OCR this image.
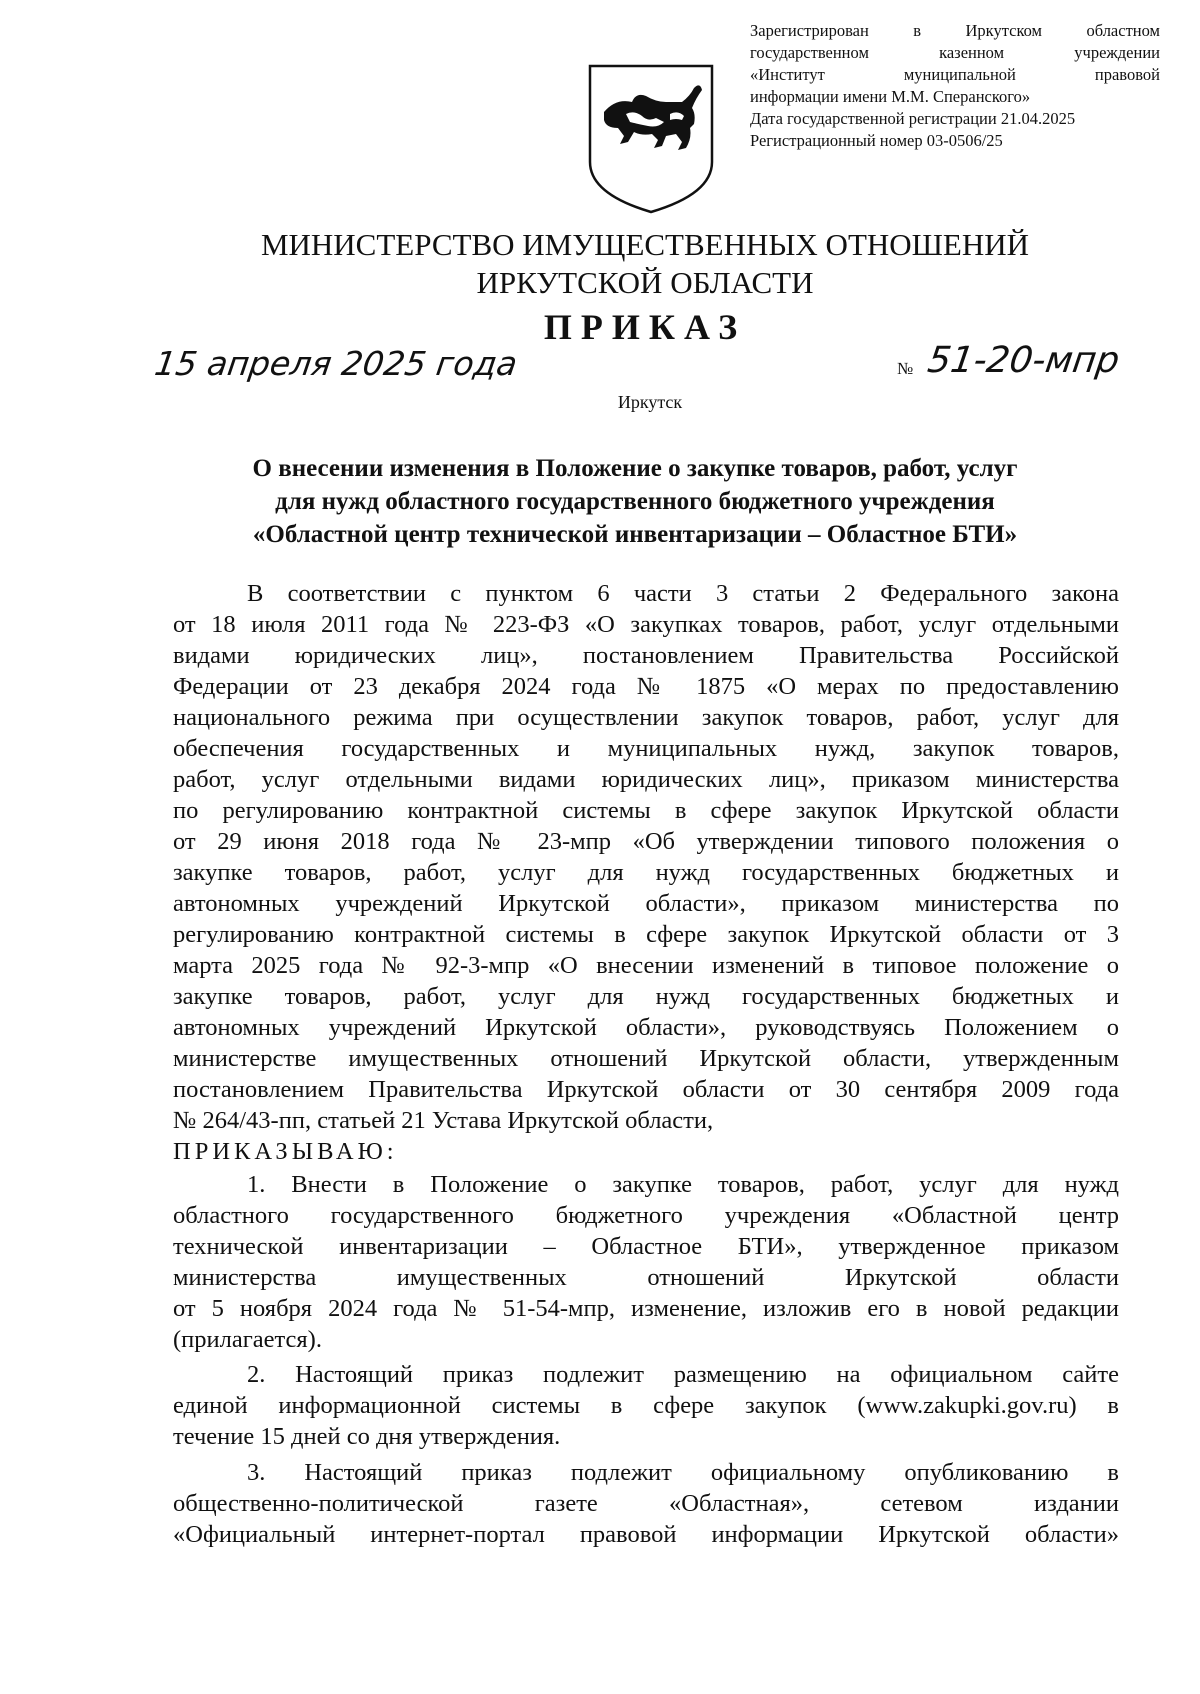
Зарегистрирован в Иркутском областном
государственном казенном учреждении
«Институт муниципальной правовой
информации имени М.М. Сперанского»
Дата государственной регистрации 21.04.2025
Регистрационный номер 03-0506/25
МИНИСТЕРСТВО ИМУЩЕСТВЕННЫХ ОТНОШЕНИЙ
ИРКУТСКОЙ ОБЛАСТИ
ПРИКАЗ
15 апреля 2025 года	№ 51-20-мпр
Иркутск
О внесении изменения в Положение о закупке товаров, работ, услуг
для нужд областного государственного бюджетного учреждения
«Областной центр технической инвентаризации – Областное БТИ»
В соответствии с пунктом 6 части 3 статьи 2 Федерального закона
от 18 июля 2011 года № 223-ФЗ «О закупках товаров, работ, услуг отдельными
видами юридических лиц», постановлением Правительства Российской
Федерации от 23 декабря 2024 года № 1875 «О мерах по предоставлению
национального режима при осуществлении закупок товаров, работ, услуг для
обеспечения государственных и муниципальных нужд, закупок товаров,
работ, услуг отдельными видами юридических лиц», приказом министерства
по регулированию контрактной системы в сфере закупок Иркутской области
от 29 июня 2018 года № 23-мпр «Об утверждении типового положения о
закупке товаров, работ, услуг для нужд государственных бюджетных и
автономных учреждений Иркутской области», приказом министерства по
регулированию контрактной системы в сфере закупок Иркутской области от 3
марта 2025 года № 92-3-мпр «О внесении изменений в типовое положение о
закупке товаров, работ, услуг для нужд государственных бюджетных и
автономных учреждений Иркутской области», руководствуясь Положением о
министерстве имущественных отношений Иркутской области, утвержденным
постановлением Правительства Иркутской области от 30 сентября 2009 года
№ 264/43-пп, статьей 21 Устава Иркутской области,
ПРИКАЗЫВАЮ:
1. Внести в Положение о закупке товаров, работ, услуг для нужд
областного государственного бюджетного учреждения «Областной центр
технической инвентаризации – Областное БТИ», утвержденное приказом
министерства имущественных отношений Иркутской области
от 5 ноября 2024 года № 51-54-мпр, изменение, изложив его в новой редакции
(прилагается).
2. Настоящий приказ подлежит размещению на официальном сайте
единой информационной системы в сфере закупок (www.zakupki.gov.ru) в
течение 15 дней со дня утверждения.
3. Настоящий приказ подлежит официальному опубликованию в
общественно-политической газете «Областная», сетевом издании
«Официальный интернет-портал правовой информации Иркутской области»
